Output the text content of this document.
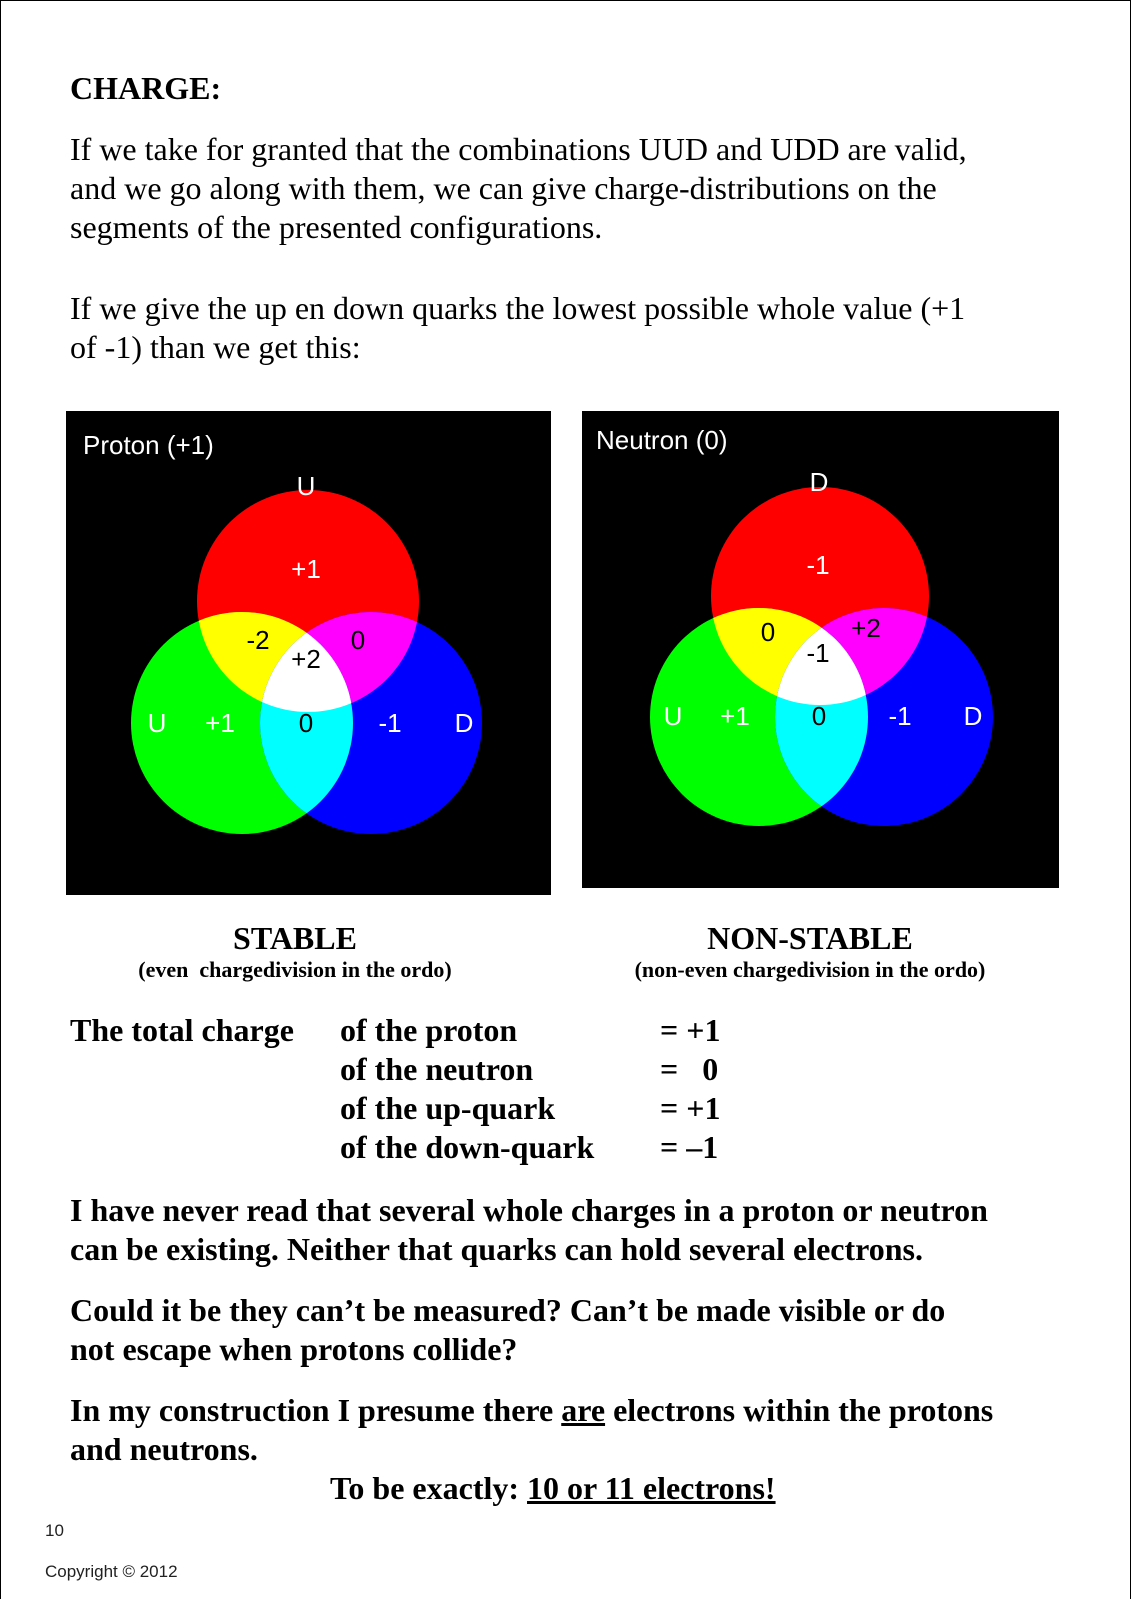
CHARGE:
If we take for granted that the combinations UUD and UDD are valid,
and we go along with them, we can give charge-distributions on the
segments of the presented configurations.
If we give the up en down quarks the lowest possible whole value (+1
of -1) than we get this:
Proton (+1)
U
+1
U +1	-1 D
-2	0
+2
0
Neutron (0)
D
-1
U +1	-1 D
0	+2
-1
0
STABLE
(even  chargedivision in the ordo)
NON-STABLE
(non-even chargedivision in the ordo)
The total charge of the proton	= +1
of the neutron	=   0
of the up-quark	= +1
of the down-quark = –1
I have never read that several whole charges in a proton or neutron
can be existing. Neither that quarks can hold several electrons.
Could it be they can’t be measured? Can’t be made visible or do
not escape when protons collide?
In my construction I presume there are electrons within the protons
and neutrons.
To be exactly: 10 or 11 electrons!
10
Copyright © 2012
